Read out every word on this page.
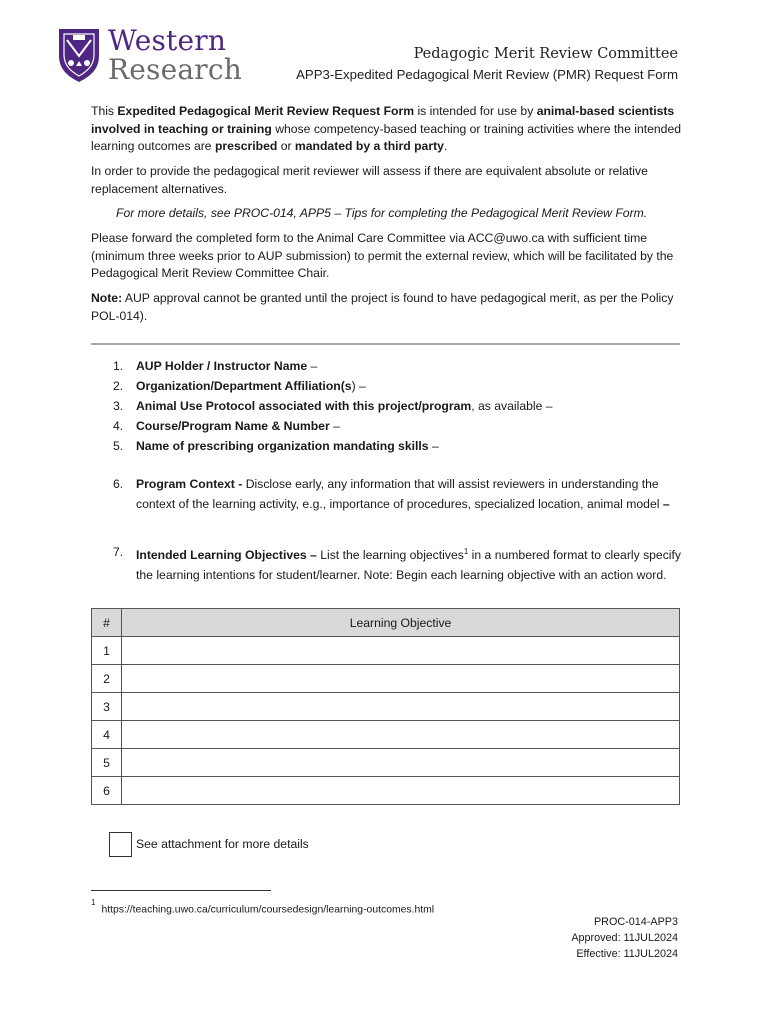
Western
Research	Pedagogic Merit Review Committee
APP3-Expedited Pedagogical Merit Review (PMR) Request Form

This Expedited Pedagogical Merit Review Request Form is intended for use by animal-based scientists involved in teaching or training whose competency-based teaching or training activities where the intended learning outcomes are prescribed or mandated by a third party.

In order to provide the pedagogical merit reviewer will assess if there are equivalent absolute or relative replacement alternatives.
For more details, see PROC-014, APP5 – Tips for completing the Pedagogical Merit Review Form.
Please forward the completed form to the Animal Care Committee via ACC@uwo.ca with sufficient time (minimum three weeks prior to AUP submission) to permit the external review, which will be facilitated by the Pedagogical Merit Review Committee Chair.
Note: AUP approval cannot be granted until the project is found to have pedagogical merit, as per the Policy POL-014).
1. AUP Holder / Instructor Name –
2. Organization/Department Affiliation(s) –
3. Animal Use Protocol associated with this project/program, as available –
4. Course/Program Name & Number –
5. Name of prescribing organization mandating skills –
6. Program Context - Disclose early, any information that will assist reviewers in understanding the context of the learning activity, e.g., importance of procedures, specialized location, animal model –
7. Intended Learning Objectives – List the learning objectives$^1$ in a numbered format to clearly specify the learning intentions for student/learner. Note: Begin each learning objective with an action word.
#	Learning Objective
1	
2	
3	
4	
5	
6	
See attachment for more details
$^1$https://teaching.uwo.ca/curriculum/coursedesign/learning-outcomes.html
PROC-014-APP3
Approved: 11JUL2024
Effective: 11JUL2024
